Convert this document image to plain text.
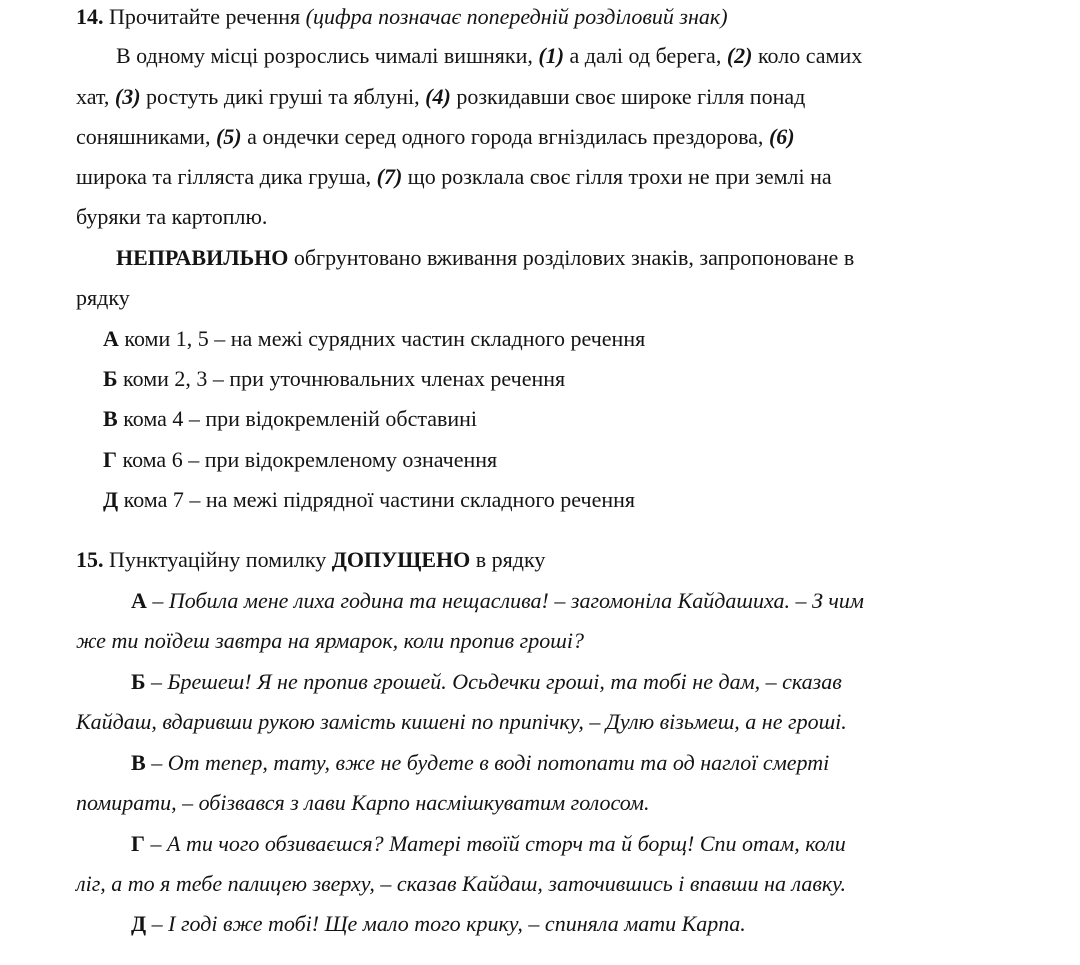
14. Прочитайте речення (цифра позначає попередній розділовий знак)
В одному місці розрослись чималі вишняки, (1) а далі од берега, (2) коло самих
хат, (3) ростуть дикі груші та яблуні, (4) розкидавши своє широке гілля понад
соняшниками, (5) а ондечки серед одного города вгніздилась прездорова, (6)
широка та гілляста дика груша, (7) що розклала своє гілля трохи не при землі на
буряки та картоплю.
НЕПРАВИЛЬНО обгрунтовано вживання розділових знаків, запропоноване в
рядку
А коми 1, 5 – на межі сурядних частин складного речення
Б коми 2, 3 – при уточнювальних членах речення
В кома 4 – при відокремленій обставині
Г кома 6 – при відокремленому означення
Д кома 7 – на межі підрядної частини складного речення
15. Пунктуаційну помилку ДОПУЩЕНО в рядку
А – Побила мене лиха година та нещаслива! – загомоніла Кайдашиха. – З чим
же ти поїдеш завтра на ярмарок, коли пропив гроші?
Б – Брешеш! Я не пропив грошей. Осьдечки гроші, та тобі не дам, – сказав
Кайдаш, вдаривши рукою замість кишені по припічку, – Дулю візьмеш, а не гроші.
В – От тепер, тату, вже не будете в воді потопати та од наглої смерті
помирати, – обізвався з лави Карпо насмішкуватим голосом.
Г – А ти чого обзиваєшся? Матері твоїй сторч та й борщ! Спи отам, коли
ліг, а то я тебе палицею зверху, – сказав Кайдаш, заточившись і впавши на лавку.
Д – І годі вже тобі! Ще мало того крику, – спиняла мати Карпа.
